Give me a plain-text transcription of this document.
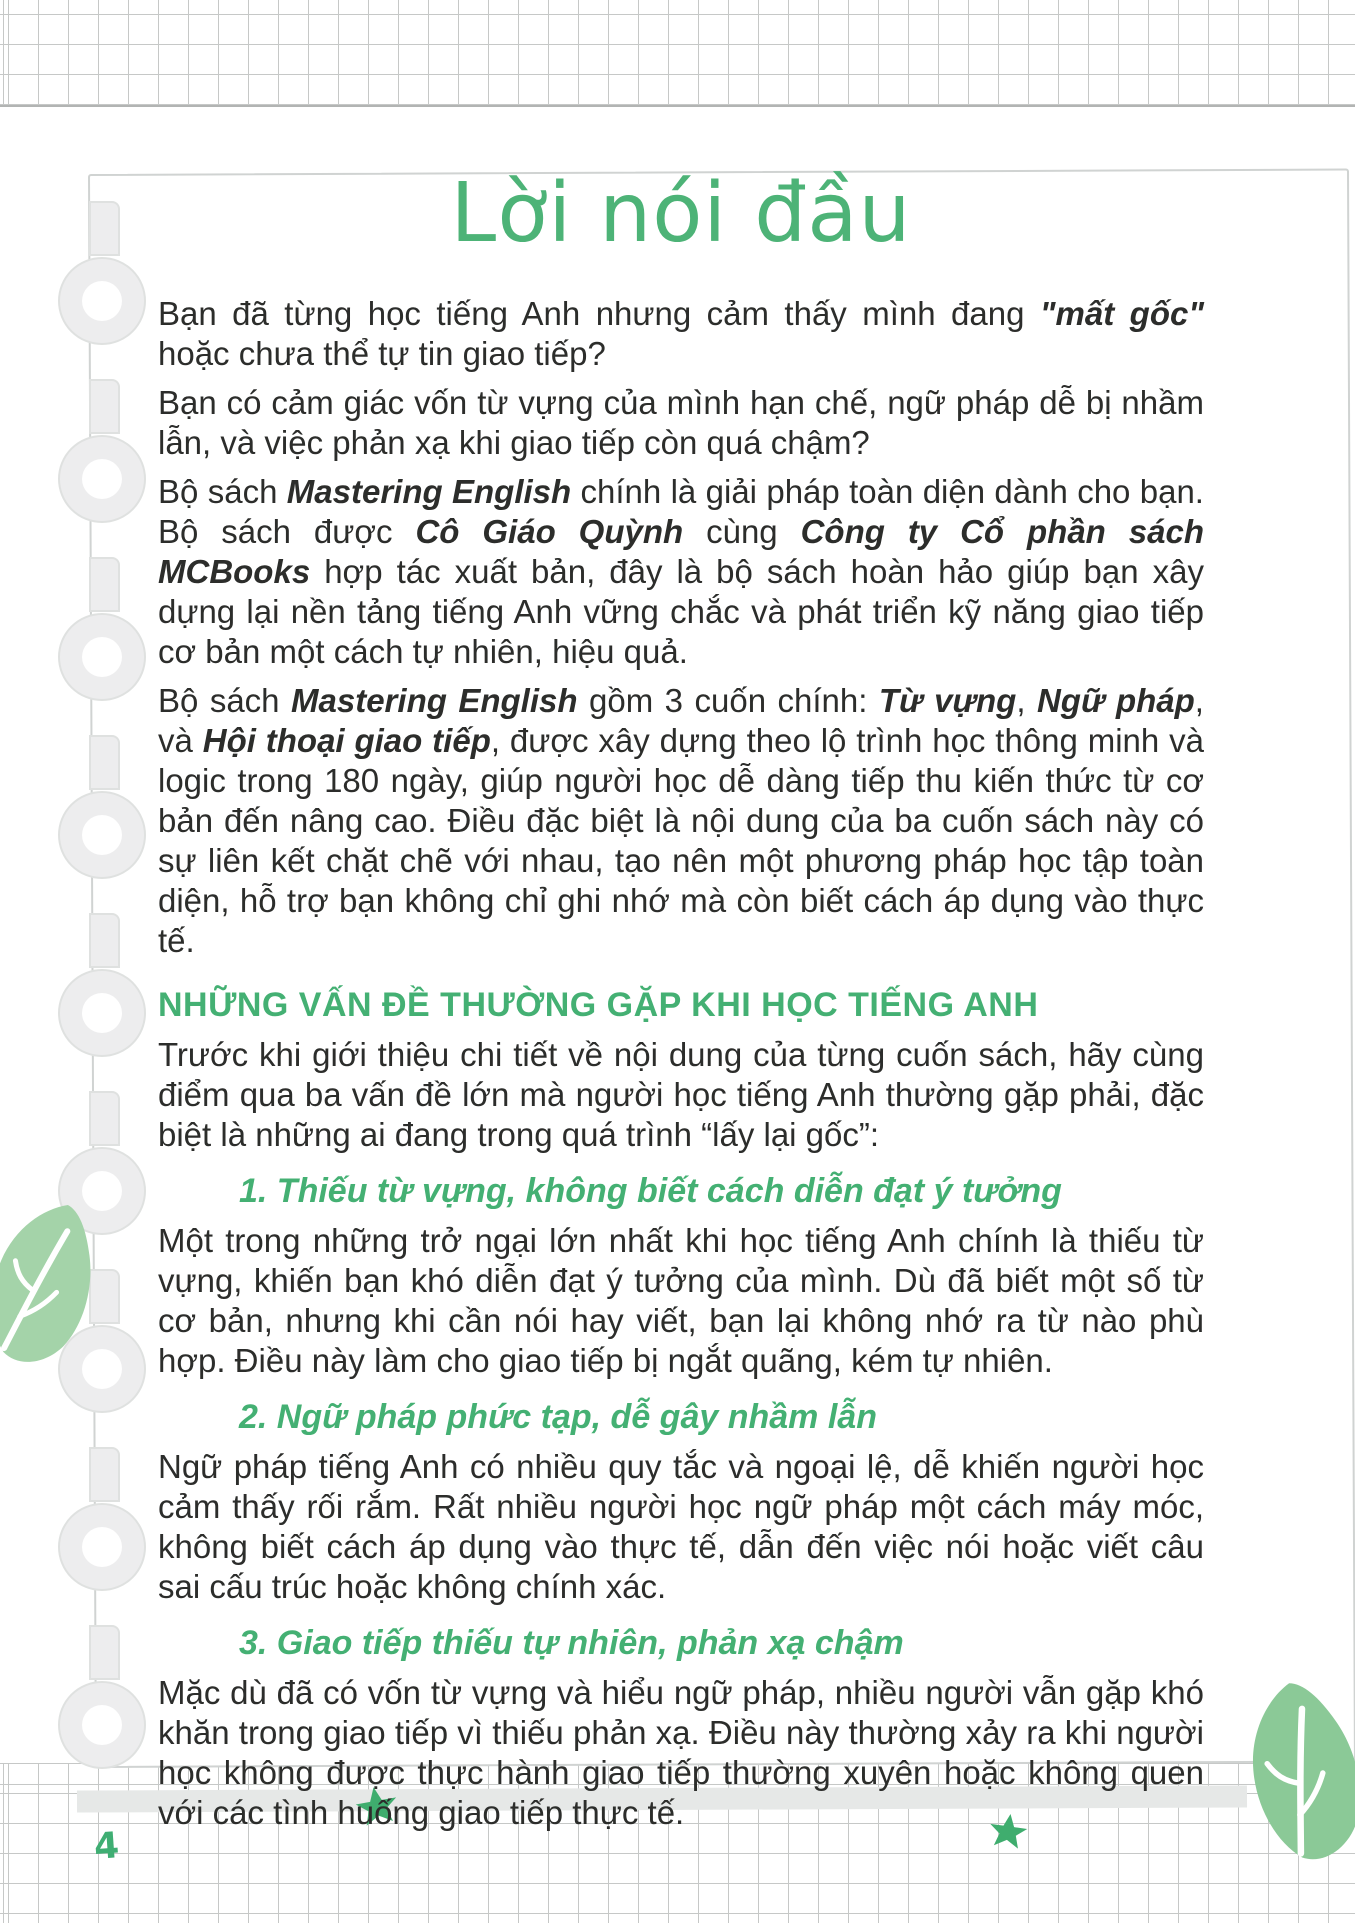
Lời nói đầu

Bạn đã từng học tiếng Anh nhưng cảm thấy mình đang "mất gốc" hoặc chưa thể tự tin giao tiếp?

Bạn có cảm giác vốn từ vựng của mình hạn chế, ngữ pháp dễ bị nhầm lẫn, và việc phản xạ khi giao tiếp còn quá chậm?

Bộ sách Mastering English chính là giải pháp toàn diện dành cho bạn. Bộ sách được Cô Giáo Quỳnh cùng Công ty Cổ phần sách MCBooks hợp tác xuất bản, đây là bộ sách hoàn hảo giúp bạn xây dựng lại nền tảng tiếng Anh vững chắc và phát triển kỹ năng giao tiếp cơ bản một cách tự nhiên, hiệu quả.

Bộ sách Mastering English gồm 3 cuốn chính: Từ vựng, Ngữ pháp, và Hội thoại giao tiếp, được xây dựng theo lộ trình học thông minh và logic trong 180 ngày, giúp người học dễ dàng tiếp thu kiến thức từ cơ bản đến nâng cao. Điều đặc biệt là nội dung của ba cuốn sách này có sự liên kết chặt chẽ với nhau, tạo nên một phương pháp học tập toàn diện, hỗ trợ bạn không chỉ ghi nhớ mà còn biết cách áp dụng vào thực tế.

NHỮNG VẤN ĐỀ THƯỜNG GẶP KHI HỌC TIẾNG ANH

Trước khi giới thiệu chi tiết về nội dung của từng cuốn sách, hãy cùng điểm qua ba vấn đề lớn mà người học tiếng Anh thường gặp phải, đặc biệt là những ai đang trong quá trình “lấy lại gốc”:

1. Thiếu từ vựng, không biết cách diễn đạt ý tưởng

Một trong những trở ngại lớn nhất khi học tiếng Anh chính là thiếu từ vựng, khiến bạn khó diễn đạt ý tưởng của mình. Dù đã biết một số từ cơ bản, nhưng khi cần nói hay viết, bạn lại không nhớ ra từ nào phù hợp. Điều này làm cho giao tiếp bị ngắt quãng, kém tự nhiên.

2. Ngữ pháp phức tạp, dễ gây nhầm lẫn

Ngữ pháp tiếng Anh có nhiều quy tắc và ngoại lệ, dễ khiến người học cảm thấy rối rắm. Rất nhiều người học ngữ pháp một cách máy móc, không biết cách áp dụng vào thực tế, dẫn đến việc nói hoặc viết câu sai cấu trúc hoặc không chính xác.

3. Giao tiếp thiếu tự nhiên, phản xạ chậm

Mặc dù đã có vốn từ vựng và hiểu ngữ pháp, nhiều người vẫn gặp khó khăn trong giao tiếp vì thiếu phản xạ. Điều này thường xảy ra khi người học không được thực hành giao tiếp thường xuyên hoặc không quen với các tình huống giao tiếp thực tế.

4
